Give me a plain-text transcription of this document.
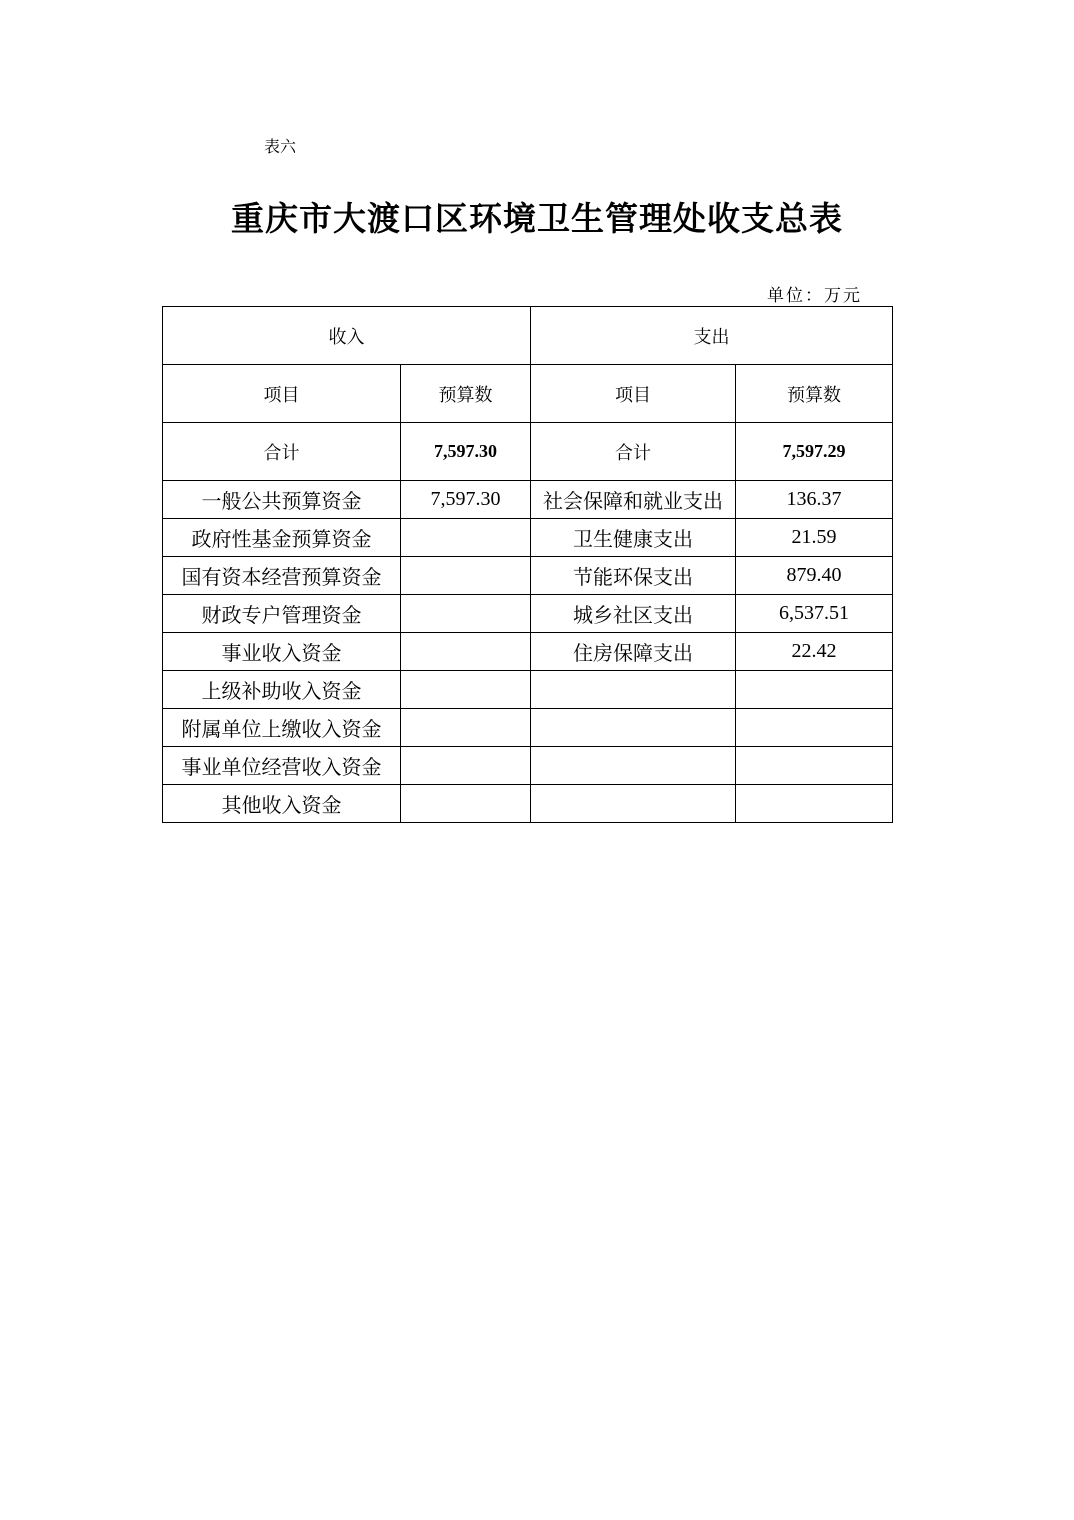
表六
重庆市大渡口区环境卫生管理处收支总表
单位：万元
收入		支出	
项目	预算数	项目	预算数
合计	7,597.30	合计	7,597.29
一般公共预算资金	7,597.30	社会保障和就业支出	136.37
政府性基金预算资金		卫生健康支出	21.59
国有资本经营预算资金		节能环保支出	879.40
财政专户管理资金		城乡社区支出	6,537.51
事业收入资金		住房保障支出	22.42
上级补助收入资金			
附属单位上缴收入资金			
事业单位经营收入资金			
其他收入资金			
